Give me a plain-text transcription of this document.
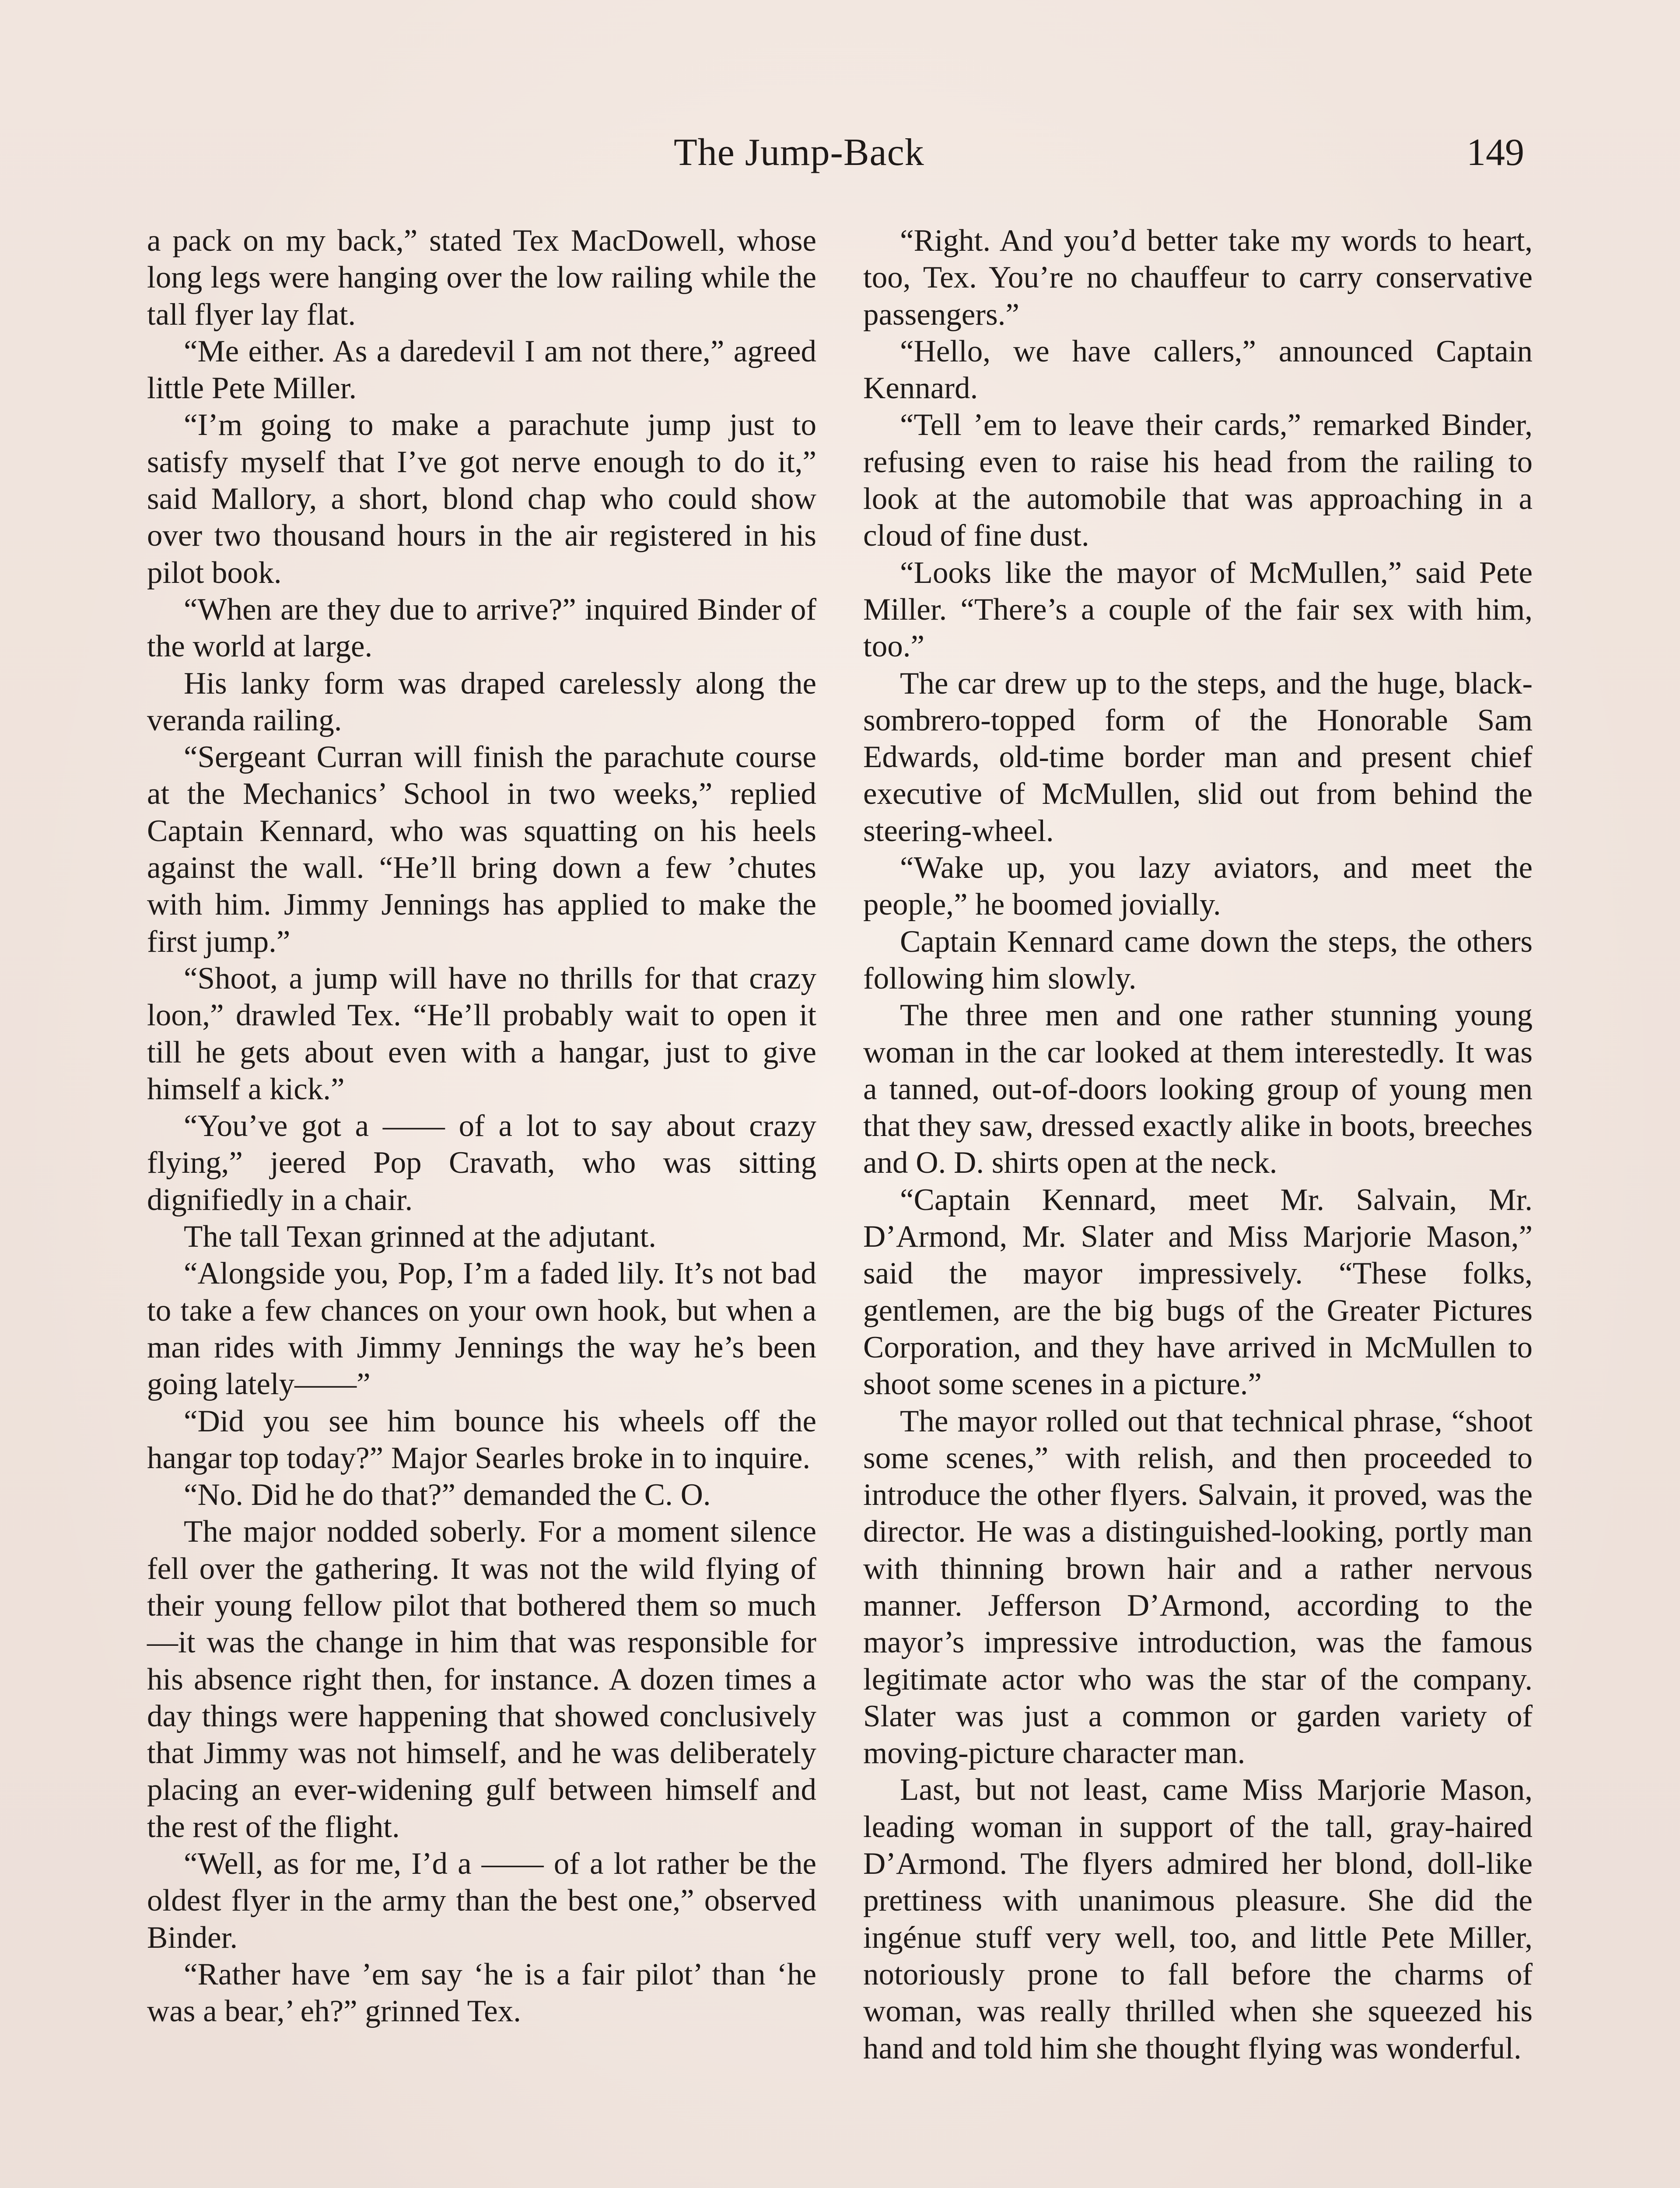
The Jump-Back	149

a pack on my back,” stated Tex MacDowell, whose long legs were hanging over the low railing while the tall flyer lay flat.

“Me either. As a daredevil I am not there,” agreed little Pete Miller.

“I’m going to make a parachute jump just to satisfy myself that I’ve got nerve enough to do it,” said Mallory, a short, blond chap who could show over two thousand hours in the air registered in his pilot book.

“When are they due to arrive?” inquired Binder of the world at large.

His lanky form was draped carelessly along the veranda railing.

“Sergeant Curran will finish the parachute course at the Mechanics’ School in two weeks,” replied Captain Kennard, who was squatting on his heels against the wall. “He’ll bring down a few ’chutes with him. Jimmy Jennings has applied to make the first jump.”

“Shoot, a jump will have no thrills for that crazy loon,” drawled Tex. “He’ll probably wait to open it till he gets about even with a hangar, just to give himself a kick.”

“You’ve got a —— of a lot to say about crazy flying,” jeered Pop Cravath, who was sitting dignifiedly in a chair.

The tall Texan grinned at the adjutant.

“Alongside you, Pop, I’m a faded lily. It’s not bad to take a few chances on your own hook, but when a man rides with Jimmy Jennings the way he’s been going lately——”

“Did you see him bounce his wheels off the hangar top today?” Major Searles broke in to inquire.

“No. Did he do that?” demanded the C. O.

The major nodded soberly. For a moment silence fell over the gathering. It was not the wild flying of their young fellow pilot that bothered them so much—it was the change in him that was responsible for his absence right then, for instance. A dozen times a day things were happening that showed conclusively that Jimmy was not himself, and he was deliberately placing an ever-widening gulf between himself and the rest of the flight.

“Well, as for me, I’d a —— of a lot rather be the oldest flyer in the army than the best one,” observed Binder.

“Rather have ’em say ‘he is a fair pilot’ than ‘he was a bear,’ eh?” grinned Tex.

“Right. And you’d better take my words to heart, too, Tex. You’re no chauffeur to carry conservative passengers.”

“Hello, we have callers,” announced Captain Kennard.

“Tell ’em to leave their cards,” remarked Binder, refusing even to raise his head from the railing to look at the automobile that was approaching in a cloud of fine dust.

“Looks like the mayor of McMullen,” said Pete Miller. “There’s a couple of the fair sex with him, too.”

The car drew up to the steps, and the huge, black-sombrero-topped form of the Honorable Sam Edwards, old-time border man and present chief executive of McMullen, slid out from behind the steering-wheel.

“Wake up, you lazy aviators, and meet the people,” he boomed jovially.

Captain Kennard came down the steps, the others following him slowly.

The three men and one rather stunning young woman in the car looked at them interestedly. It was a tanned, out-of-doors looking group of young men that they saw, dressed exactly alike in boots, breeches and O. D. shirts open at the neck.

“Captain Kennard, meet Mr. Salvain, Mr. D’Armond, Mr. Slater and Miss Marjorie Mason,” said the mayor impressively. “These folks, gentlemen, are the big bugs of the Greater Pictures Corporation, and they have arrived in McMullen to shoot some scenes in a picture.”

The mayor rolled out that technical phrase, “shoot some scenes,” with relish, and then proceeded to introduce the other flyers. Salvain, it proved, was the director. He was a distinguished-looking, portly man with thinning brown hair and a rather nervous manner. Jefferson D’Armond, according to the mayor’s impressive introduction, was the famous legitimate actor who was the star of the company. Slater was just a common or garden variety of moving-picture character man.

Last, but not least, came Miss Marjorie Mason, leading woman in support of the tall, gray-haired D’Armond. The flyers admired her blond, doll-like prettiness with unanimous pleasure. She did the ingénue stuff very well, too, and little Pete Miller, notoriously prone to fall before the charms of woman, was really thrilled when she squeezed his hand and told him she thought flying was wonderful.
